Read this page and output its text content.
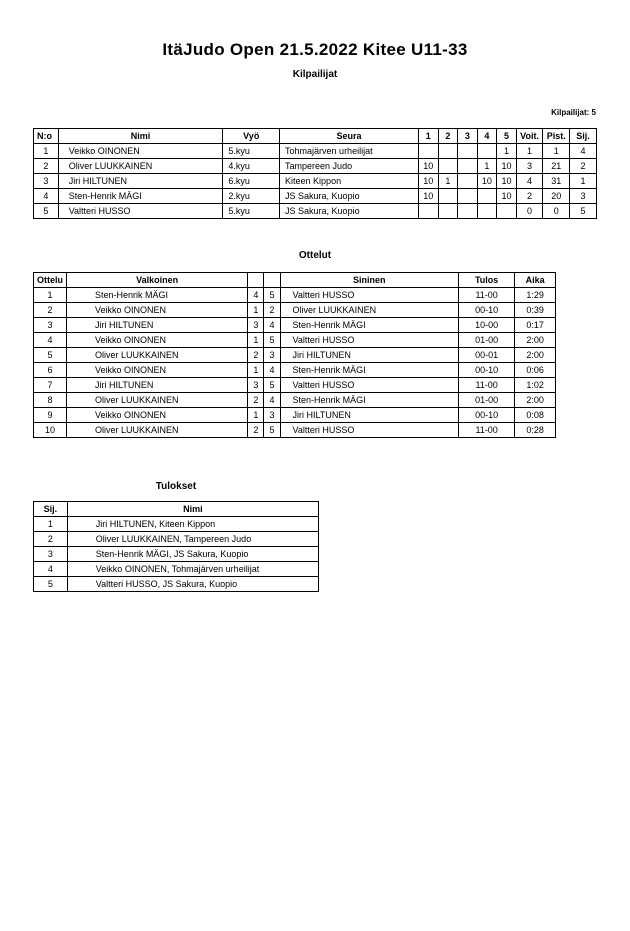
ItäJudo Open 21.5.2022 Kitee U11-33
Kilpailijat
Kilpailijat: 5
N:o	Nimi	Vyö	Seura	1	2	3	4	5	Voit.	Pist.	Sij.
1	Veikko OINONEN	5.kyu	Tohmajärven urheilijat					1	1	1	4
2	Oliver LUUKKAINEN	4.kyu	Tampereen Judo	10			1	10	3	21	2
3	Jiri HILTUNEN	6.kyu	Kiteen Kippon	10	1		10	10	4	31	1
4	Sten-Henrik MÄGI	2.kyu	JS Sakura, Kuopio	10				10	2	20	3
5	Valtteri HUSSO	5.kyu	JS Sakura, Kuopio						0	0	5
Ottelut
Ottelu	Valkoinen			Sininen	Tulos	Aika
1	Sten-Henrik MÄGI	4	5	Valtteri HUSSO	11-00	1:29
2	Veikko OINONEN	1	2	Oliver LUUKKAINEN	00-10	0:39
3	Jiri HILTUNEN	3	4	Sten-Henrik MÄGI	10-00	0:17
4	Veikko OINONEN	1	5	Valtteri HUSSO	01-00	2:00
5	Oliver LUUKKAINEN	2	3	Jiri HILTUNEN	00-01	2:00
6	Veikko OINONEN	1	4	Sten-Henrik MÄGI	00-10	0:06
7	Jiri HILTUNEN	3	5	Valtteri HUSSO	11-00	1:02
8	Oliver LUUKKAINEN	2	4	Sten-Henrik MÄGI	01-00	2:00
9	Veikko OINONEN	1	3	Jiri HILTUNEN	00-10	0:08
10	Oliver LUUKKAINEN	2	5	Valtteri HUSSO	11-00	0:28
Tulokset
Sij.	Nimi
1	Jiri HILTUNEN, Kiteen Kippon
2	Oliver LUUKKAINEN, Tampereen Judo
3	Sten-Henrik MÄGI, JS Sakura, Kuopio
4	Veikko OINONEN, Tohmajärven urheilijat
5	Valtteri HUSSO, JS Sakura, Kuopio
